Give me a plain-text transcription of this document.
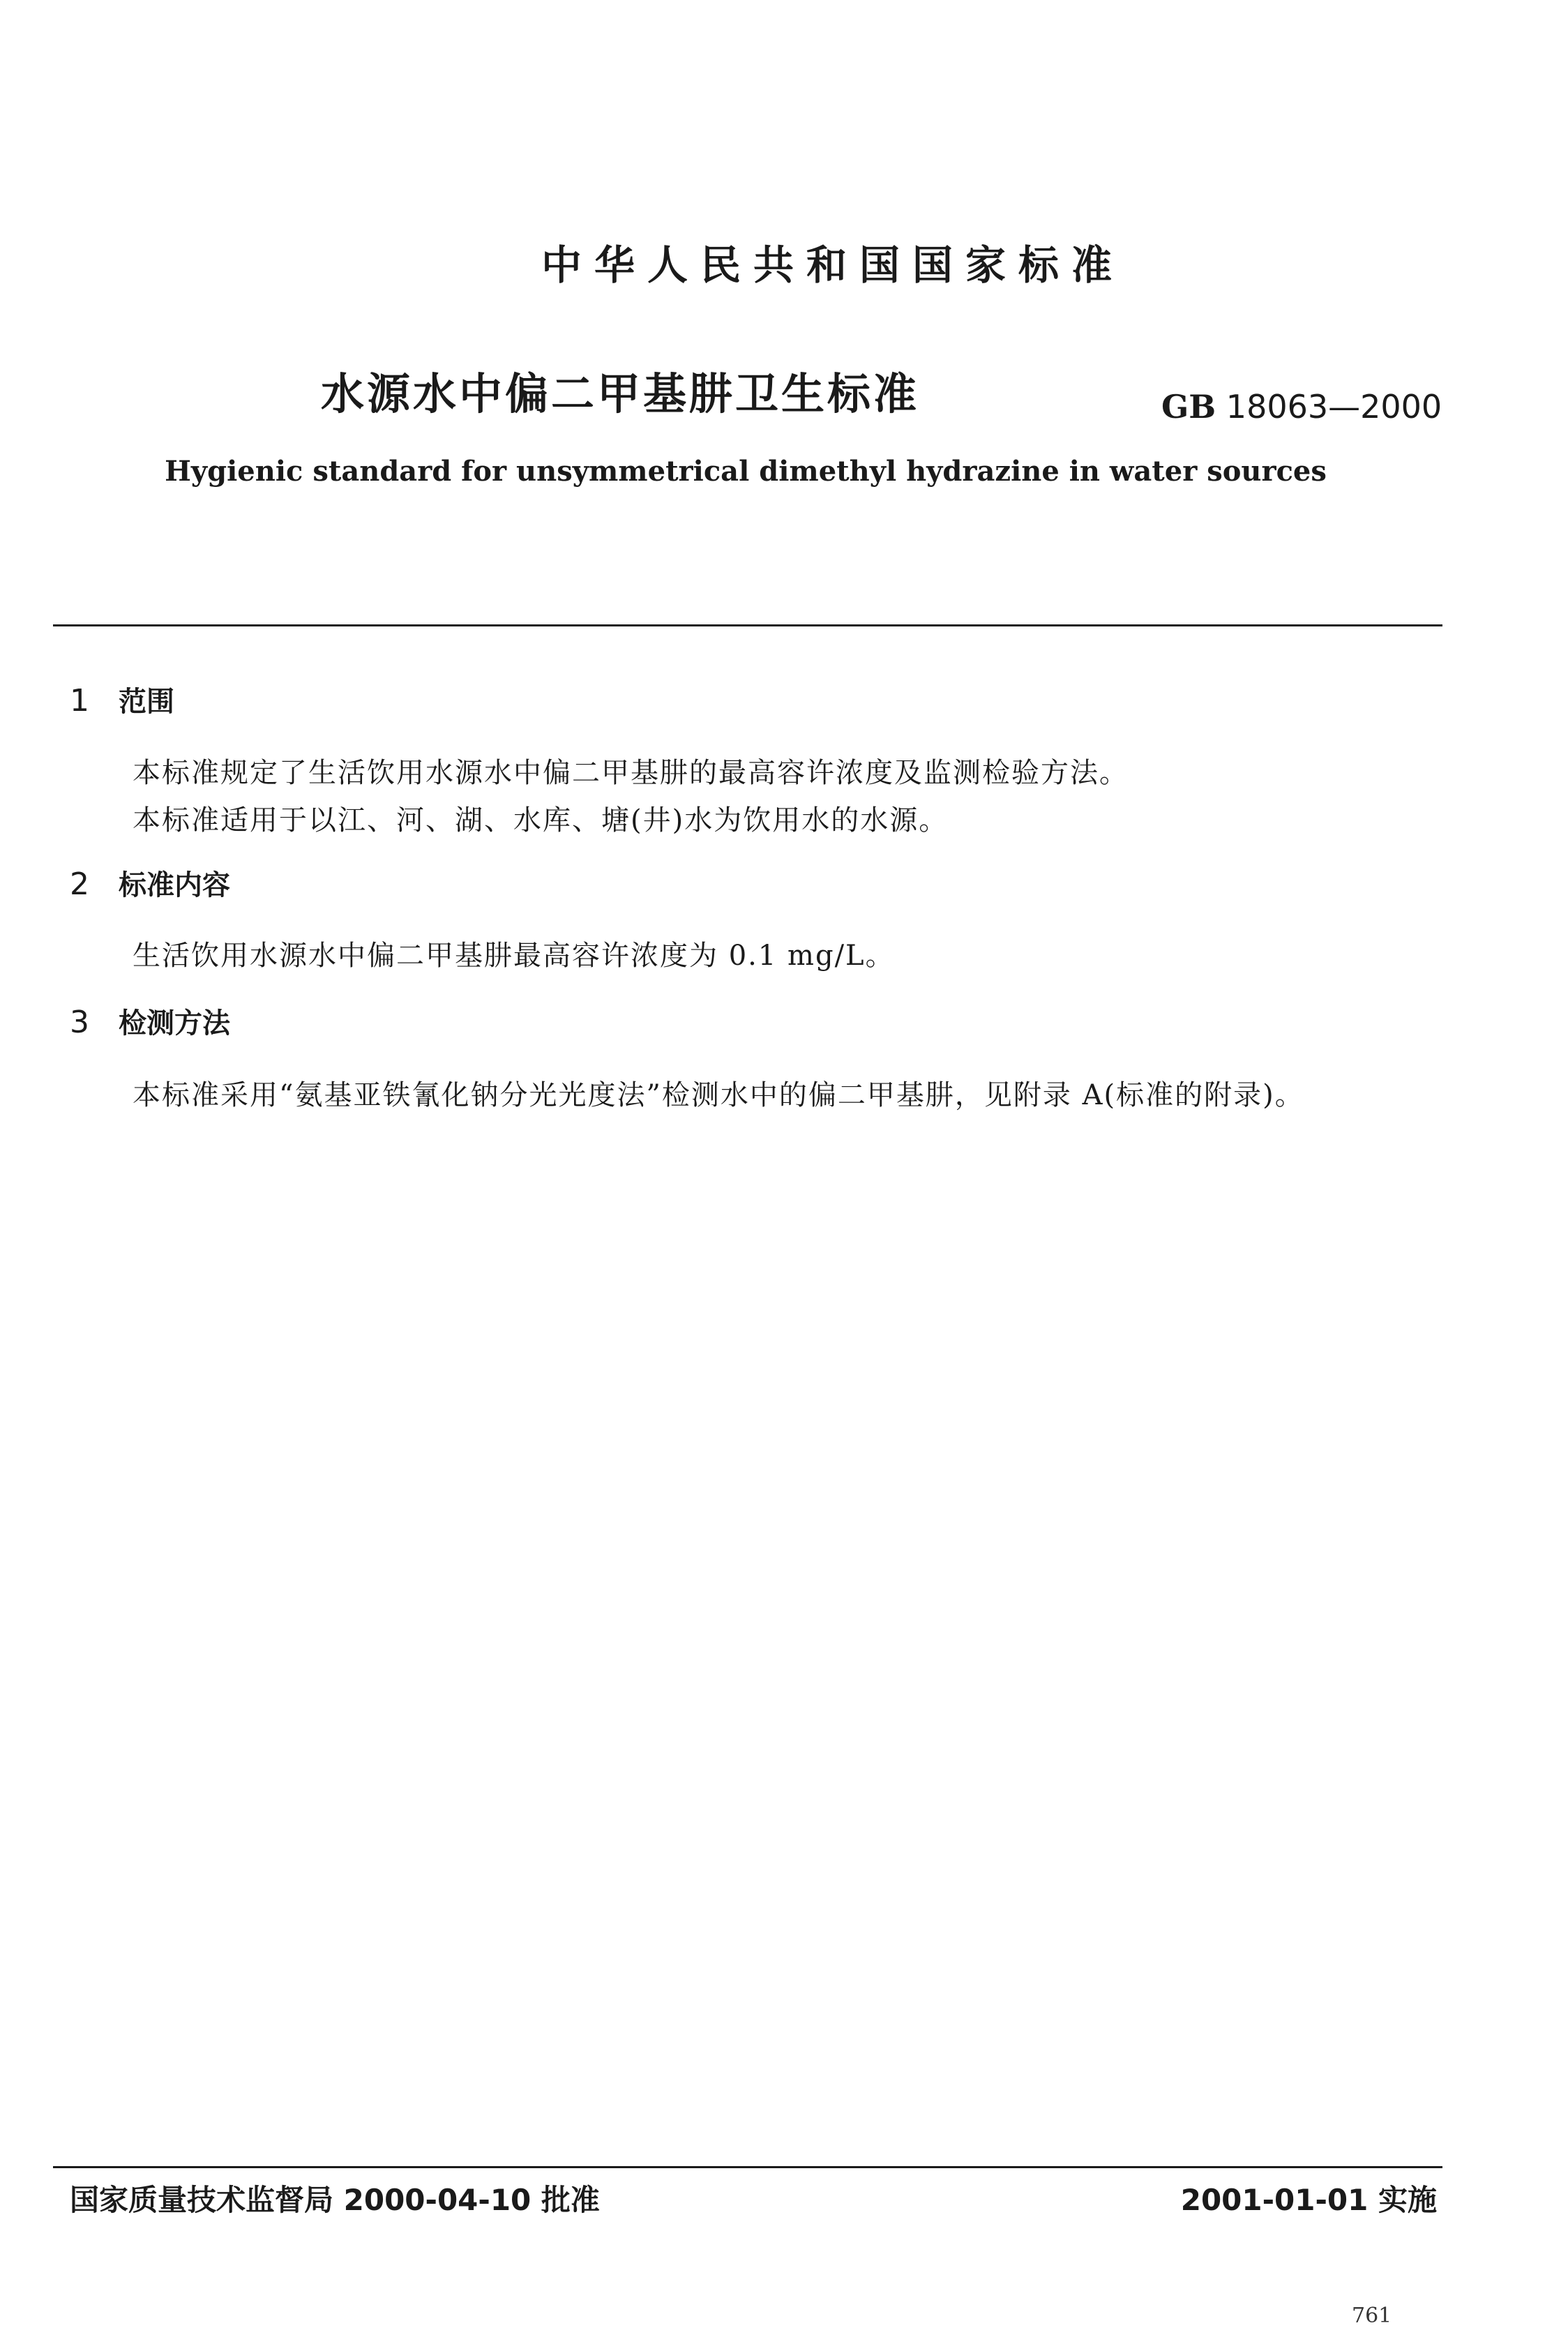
中华人民共和国国家标准
水源水中偏二甲基肼卫生标准	GB 18063—2000
Hygienic standard for unsymmetrical dimethyl hydrazine in water sources
1 范围

本标准规定了生活饮用水源水中偏二甲基肼的最高容许浓度及监测检验方法。

本标准适用于以江、河、湖、水库、塘(井)水为饮用水的水源。

2 标准内容

生活饮用水源水中偏二甲基肼最高容许浓度为 0.1 mg/L。

3 检测方法

本标准采用“氨基亚铁氰化钠分光光度法”检测水中的偏二甲基肼，见附录 A(标准的附录)。

国家质量技术监督局 2000-04-10 批准	2001-01-01 实施
761
